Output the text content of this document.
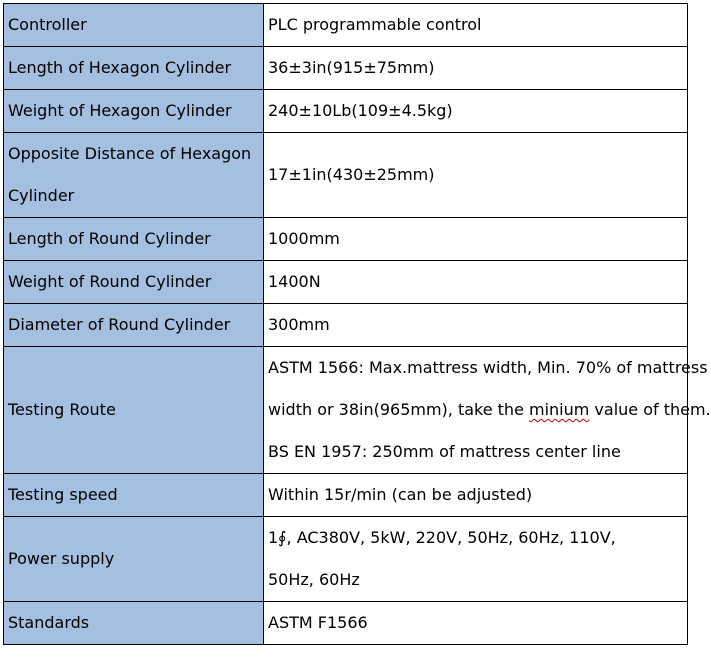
Controller	PLC programmable control

Length of Hexagon Cylinder	36±3in(915±75mm)

Weight of Hexagon Cylinder	240±10Lb(109±4.5kg)

Opposite Distance of Hexagon
Cylinder	17±1in(430±25mm)

Length of Round Cylinder	1000mm

Weight of Round Cylinder	1400N

Diameter of Round Cylinder	300mm

Testing Route	ASTM 1566: Max.mattress width, Min. 70% of mattress
width or 38in(965mm), take the minium value of them.
BS EN 1957: 250mm of mattress center line

Testing speed	Within 15r/min (can be adjusted)

Power supply	1∮, AC380V, 5kW, 220V, 50Hz, 60Hz, 110V,
50Hz, 60Hz

Standards	ASTM F1566
